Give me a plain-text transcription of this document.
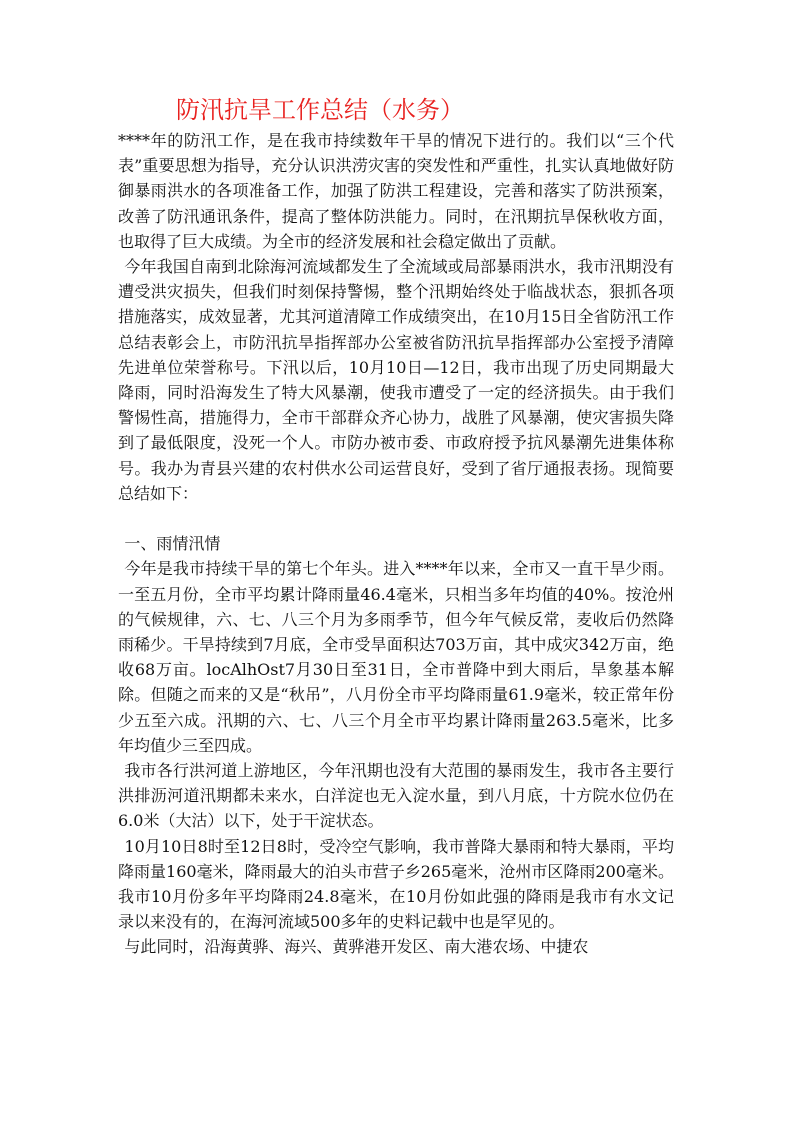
防汛抗旱工作总结（水务）

****年的防汛工作，是在我市持续数年干旱的情况下进行的。我们以“三个代表”重要思想为指导，充分认识洪涝灾害的突发性和严重性，扎实认真地做好防御暴雨洪水的各项准备工作，加强了防洪工程建设，完善和落实了防洪预案，改善了防汛通讯条件，提高了整体防洪能力。同时，在汛期抗旱保秋收方面，也取得了巨大成绩。为全市的经济发展和社会稳定做出了贡献。

今年我国自南到北除海河流域都发生了全流域或局部暴雨洪水，我市汛期没有遭受洪灾损失，但我们时刻保持警惕，整个汛期始终处于临战状态，狠抓各项措施落实，成效显著，尤其河道清障工作成绩突出，在10月15日全省防汛工作总结表彰会上，市防汛抗旱指挥部办公室被省防汛抗旱指挥部办公室授予清障先进单位荣誉称号。下汛以后，10月10日—12日，我市出现了历史同期最大降雨，同时沿海发生了特大风暴潮，使我市遭受了一定的经济损失。由于我们警惕性高，措施得力，全市干部群众齐心协力，战胜了风暴潮，使灾害损失降到了最低限度，没死一个人。市防办被市委、市政府授予抗风暴潮先进集体称号。我办为青县兴建的农村供水公司运营良好，受到了省厅通报表扬。现简要总结如下：

一、雨情汛情

今年是我市持续干旱的第七个年头。进入****年以来，全市又一直干旱少雨。一至五月份，全市平均累计降雨量46.4毫米，只相当多年均值的40%。按沧州的气候规律，六、七、八三个月为多雨季节，但今年气候反常，麦收后仍然降雨稀少。干旱持续到7月底，全市受旱面积达703万亩，其中成灾342万亩，绝收68万亩。locAlhOst7月30日至31日，全市普降中到大雨后，旱象基本解除。但随之而来的又是“秋吊”，八月份全市平均降雨量61.9毫米，较正常年份少五至六成。汛期的六、七、八三个月全市平均累计降雨量263.5毫米，比多年均值少三至四成。

我市各行洪河道上游地区，今年汛期也没有大范围的暴雨发生，我市各主要行洪排沥河道汛期都未来水，白洋淀也无入淀水量，到八月底，十方院水位仍在6.0米（大沽）以下，处于干淀状态。

10月10日8时至12日8时，受冷空气影响，我市普降大暴雨和特大暴雨，平均降雨量160毫米，降雨最大的泊头市营子乡265毫米，沧州市区降雨200毫米。我市10月份多年平均降雨24.8毫米，在10月份如此强的降雨是我市有水文记录以来没有的，在海河流域500多年的史料记载中也是罕见的。

与此同时，沿海黄骅、海兴、黄骅港开发区、南大港农场、中捷农
